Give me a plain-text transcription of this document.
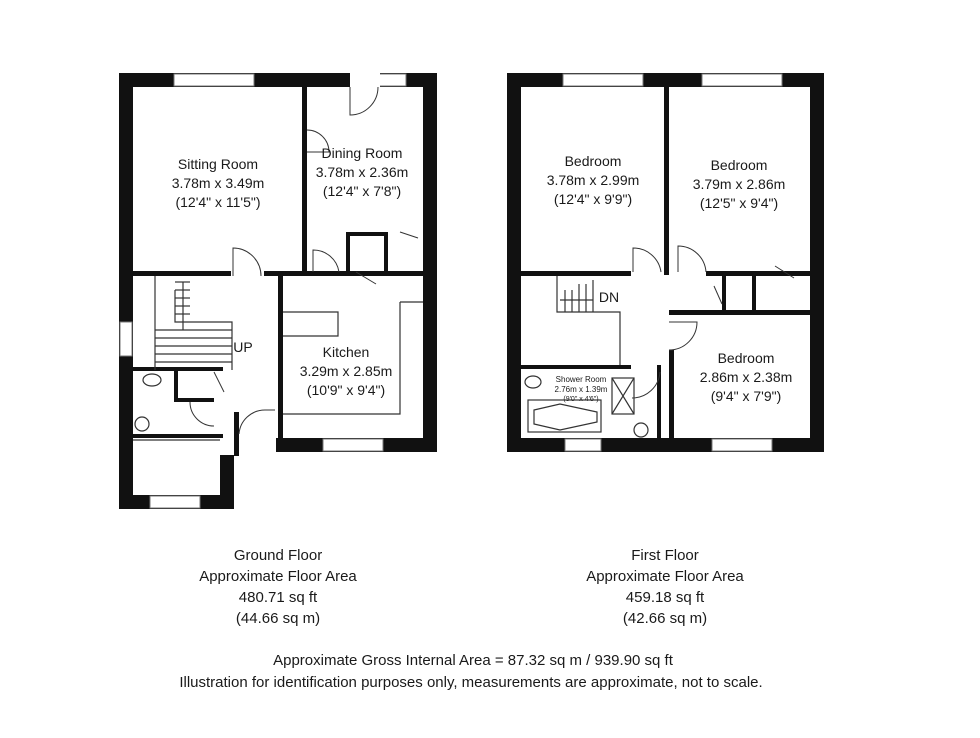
Sitting Room
3.78m x 3.49m
(12'4" x 11'5")
Dining Room
3.78m x 2.36m
(12'4" x 7'8")
Kitchen
3.29m x 2.85m
(10'9" x 9'4")
UP
Bedroom
3.78m x 2.99m
(12'4" x 9'9")
Bedroom
3.79m x 2.86m
(12'5" x 9'4")
Bedroom
2.86m x 2.38m
(9'4" x 7'9")
Shower Room
2.76m x 1.39m
(9'0" x 4'6")
DN
Ground Floor
Approximate Floor Area
480.71 sq ft
(44.66 sq m)
First Floor
Approximate Floor Area
459.18 sq ft
(42.66 sq m)
Approximate Gross Internal Area = 87.32 sq m / 939.90 sq ft
Illustration for identification purposes only, measurements are approximate, not to scale.
